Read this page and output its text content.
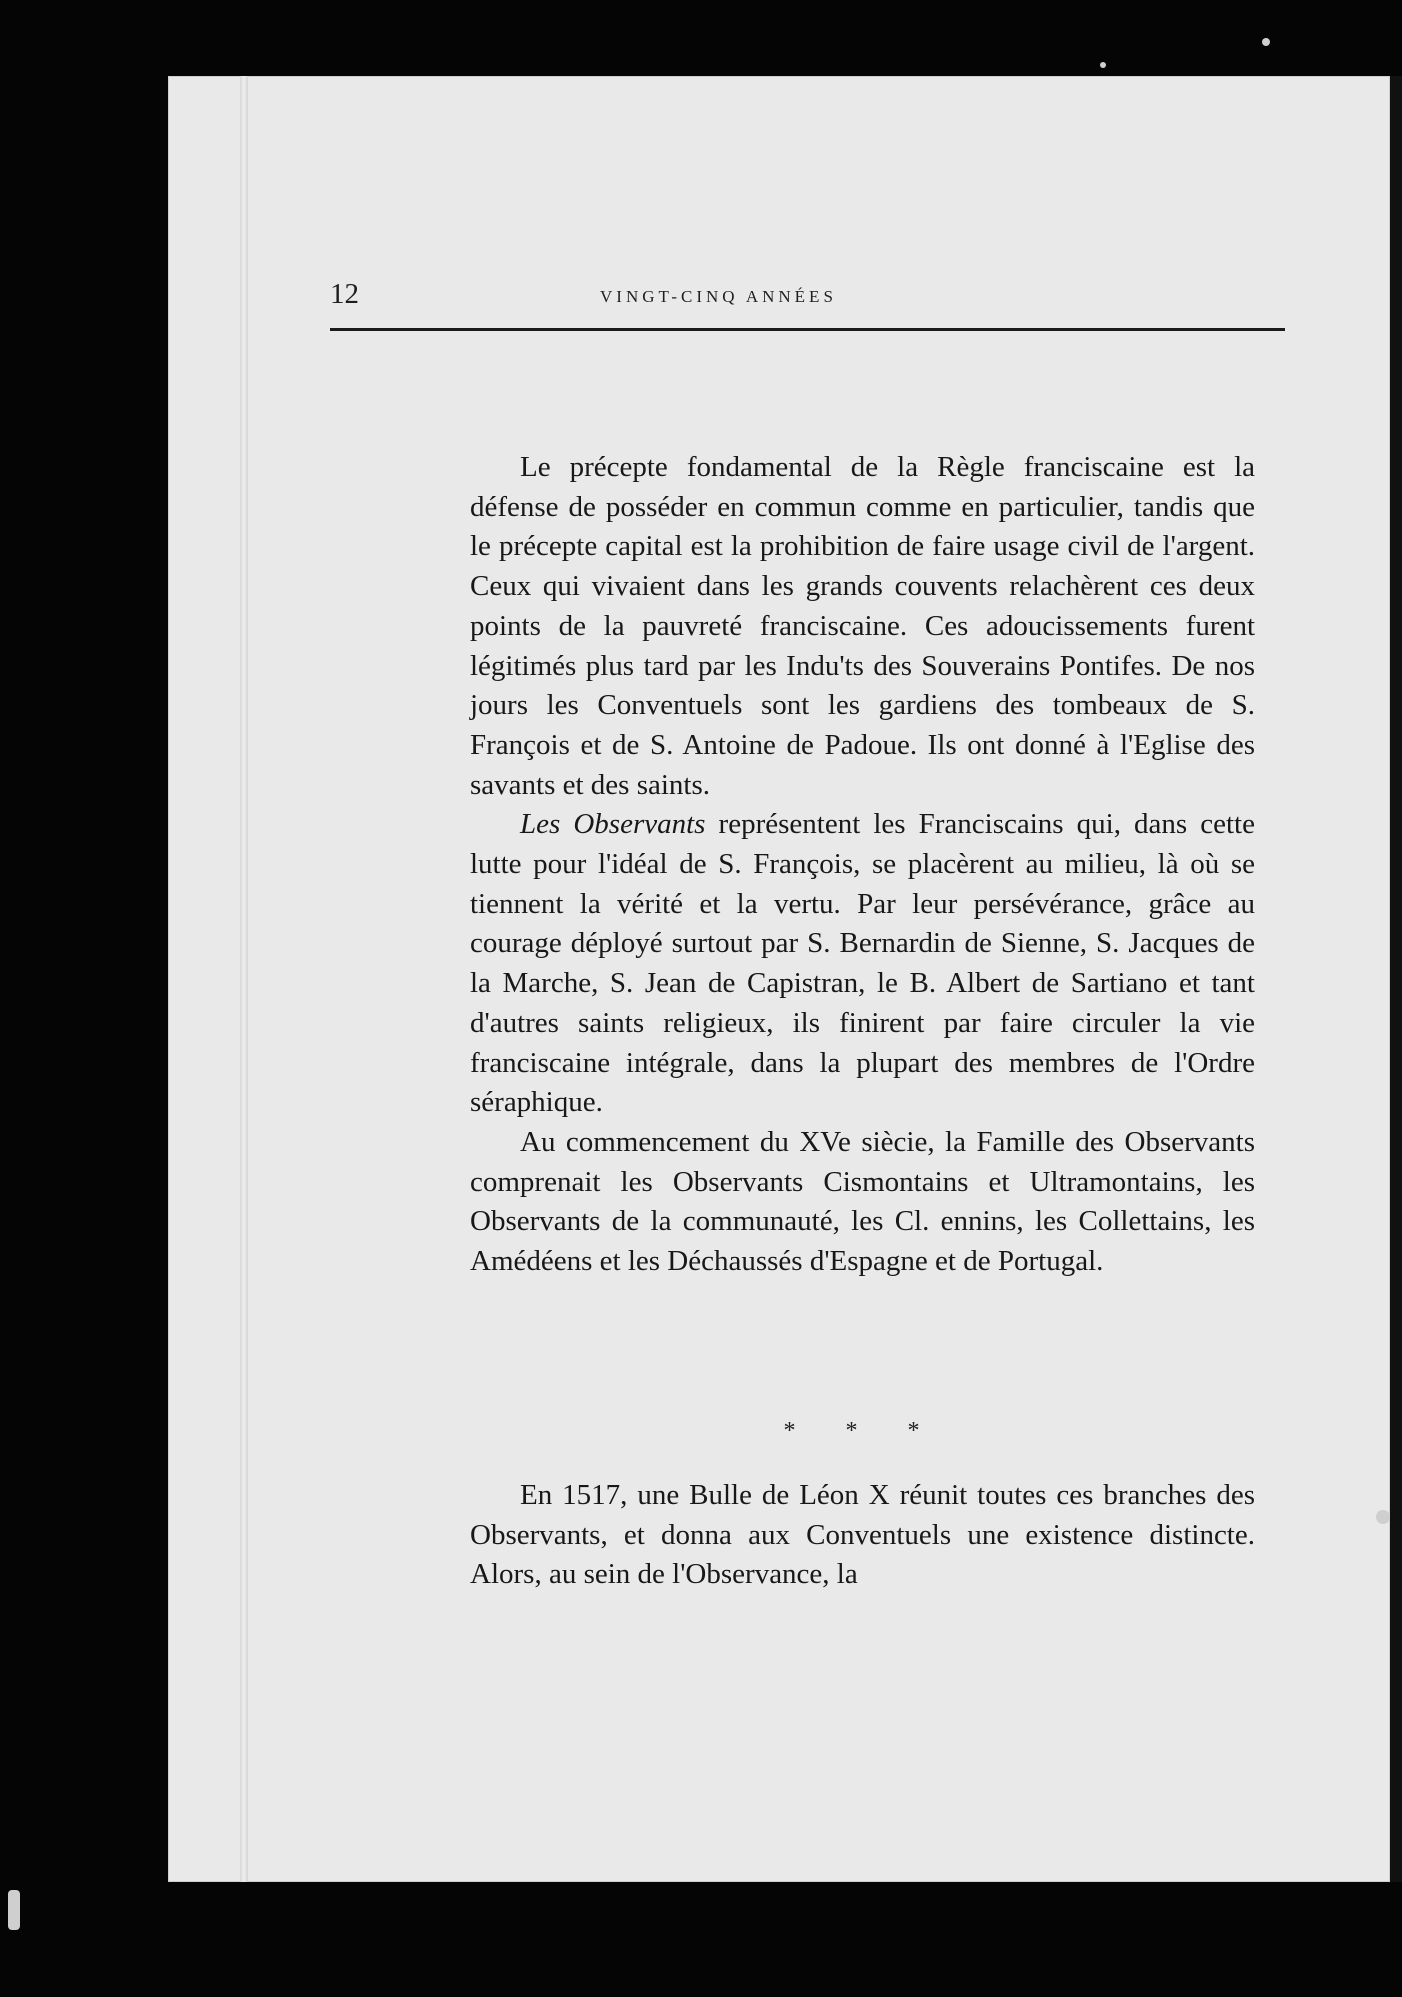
12	VINGT-CINQ ANNÉES

Le précepte fondamental de la Règle franciscaine est la défense de posséder en commun comme en particulier, tandis que le précepte capital est la prohibition de faire usage civil de l'argent. Ceux qui vivaient dans les grands couvents relachèrent ces deux points de la pauvreté franciscaine. Ces adoucissements furent légitimés plus tard par les Indu'ts des Souverains Pontifes. De nos jours les Conventuels sont les gardiens des tombeaux de S. François et de S. Antoine de Padoue. Ils ont donné à l'Eglise des savants et des saints.

Les Observants représentent les Franciscains qui, dans cette lutte pour l'idéal de S. François, se placèrent au milieu, là où se tiennent la vérité et la vertu. Par leur persévérance, grâce au courage déployé surtout par S. Bernardin de Sienne, S. Jacques de la Marche, S. Jean de Capistran, le B. Albert de Sartiano et tant d'autres saints religieux, ils finirent par faire circuler la vie franciscaine intégrale, dans la plupart des membres de l'Ordre séraphique.

Au commencement du XVe siècie, la Famille des Observants comprenait les Observants Cismontains et Ultramontains, les Observants de la communauté, les Cl. ennins, les Collettains, les Amédéens et les Déchaussés d'Espagne et de Portugal.

* * *

En 1517, une Bulle de Léon X réunit toutes ces branches des Observants, et donna aux Conventuels une existence distincte. Alors, au sein de l'Observance, la
